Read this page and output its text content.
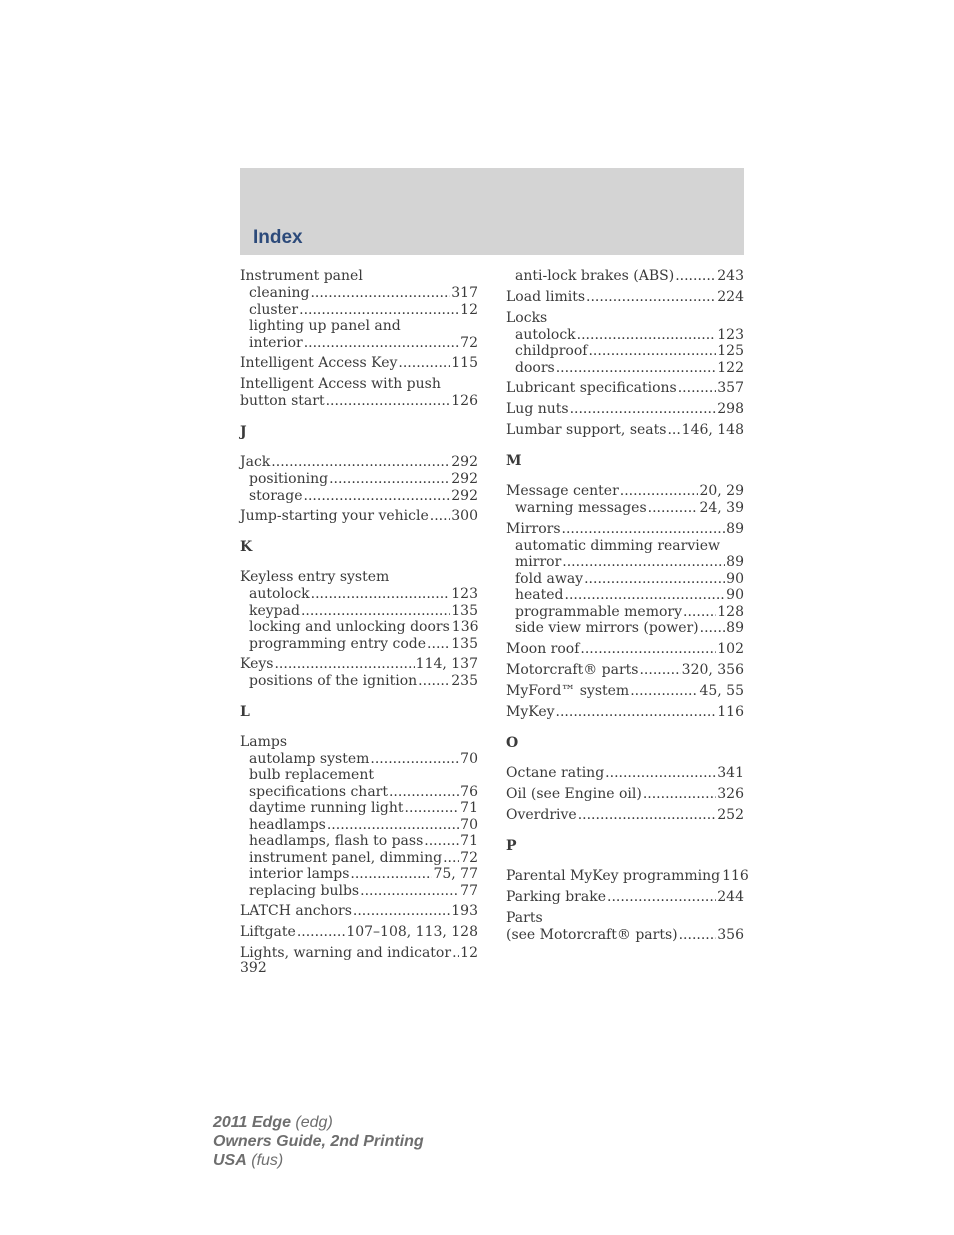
Index
Instrument panel
cleaning .....	317
cluster .....	12
lighting up panel and
interior .....	72
Intelligent Access Key .....	115
Intelligent Access with push
button start .....	126
J
Jack .....	292
positioning .....	292
storage .....	292
Jump-starting your vehicle ..... 300
K
Keyless entry system
autolock .....	123
keypad .....	135
locking and unlocking doors 136
programming entry code ..... 135
Keys .....	114, 137
positions of the ignition ..... 235
L
Lamps
autolamp system .....	70
bulb replacement
specifications chart .....	76
daytime running light .....	71
headlamps .....	70
headlamps, flash to pass .....	71
instrument panel, dimming ..... 72
interior lamps .....	75, 77
replacing bulbs .....	77
LATCH anchors .....	193
Liftgate .....	107–108, 113, 128
Lights, warning and indicator ..... 12
anti-lock brakes (ABS) .....	243
Load limits .....	224
Locks
autolock .....	123
childproof .....	125
doors .....	122
Lubricant specifications .....	357
Lug nuts .....	298
Lumbar support, seats ..... 146, 148
M
Message center .....	20, 29
warning messages .....	24, 39
Mirrors .....	89
automatic dimming rearview
mirror .....	89
fold away .....	90
heated .....	90
programmable memory .....	128
side view mirrors (power) ..... 89
Moon roof .....	102
Motorcraft® parts .....	320, 356
MyFord™ system .....	45, 55
MyKey .....	116
O
Octane rating .....	341
Oil (see Engine oil) .....	326
Overdrive .....	252
P
Parental MyKey programming 116
Parking brake .....	244
Parts
(see Motorcraft® parts) .....	356
392
2011 Edge (edg)
Owners Guide, 2nd Printing
USA (fus)
